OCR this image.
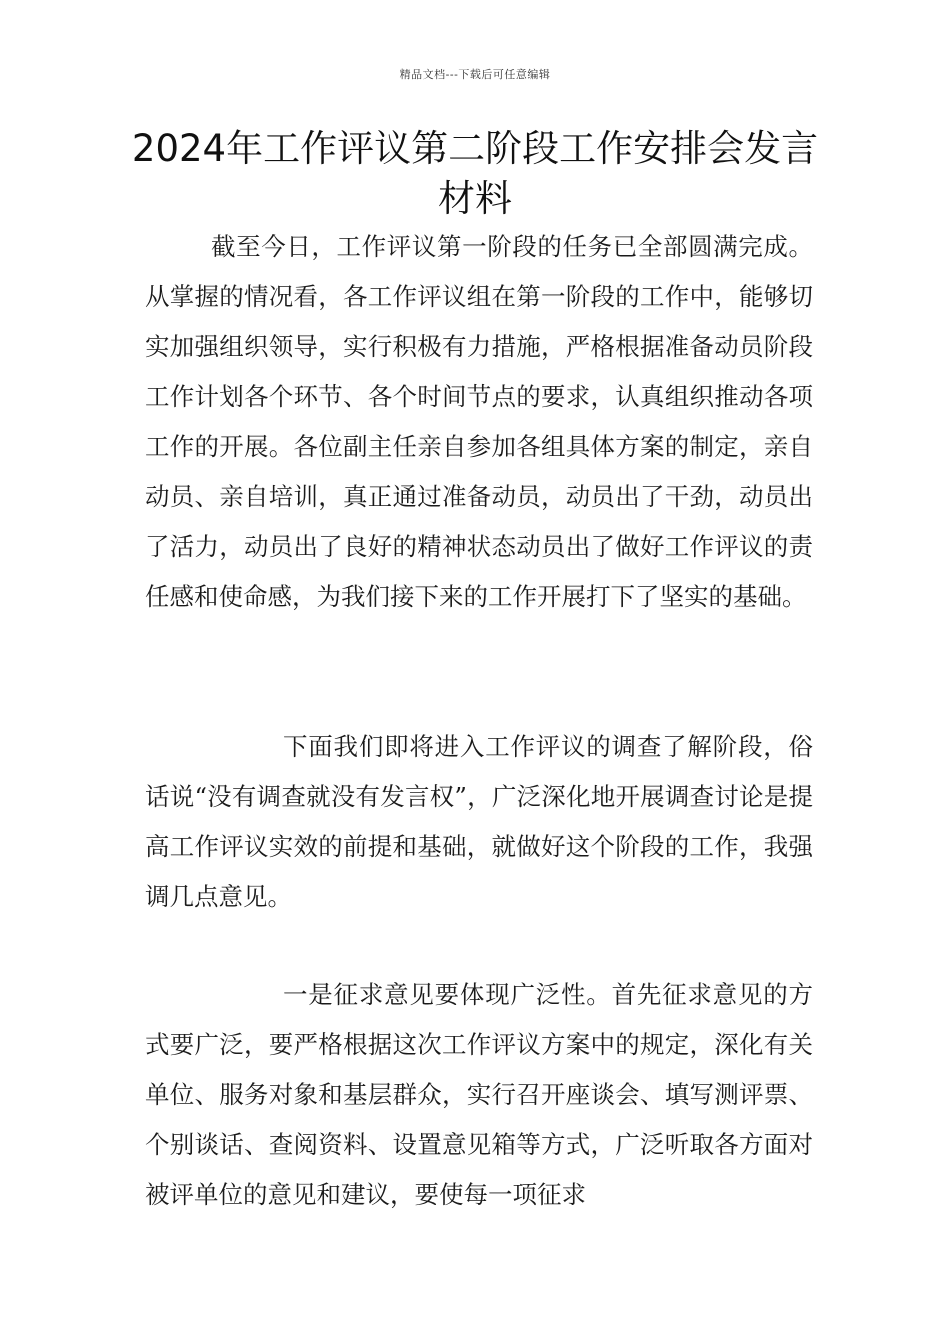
精品文档---下载后可任意编辑
2024年工作评议第二阶段工作安排会发言材料

截至今日，工作评议第一阶段的任务已全部圆满完成。从掌握的情况看，各工作评议组在第一阶段的工作中，能够切实加强组织领导，实行积极有力措施，严格根据准备动员阶段工作计划各个环节、各个时间节点的要求，认真组织推动各项工作的开展。各位副主任亲自参加各组具体方案的制定，亲自动员、亲自培训，真正通过准备动员，动员出了干劲，动员出了活力，动员出了良好的精神状态动员出了做好工作评议的责任感和使命感，为我们接下来的工作开展打下了坚实的基础。

下面我们即将进入工作评议的调查了解阶段，俗话说“没有调查就没有发言权”，广泛深化地开展调查讨论是提高工作评议实效的前提和基础，就做好这个阶段的工作，我强调几点意见。

一是征求意见要体现广泛性。首先征求意见的方式要广泛，要严格根据这次工作评议方案中的规定，深化有关单位、服务对象和基层群众，实行召开座谈会、填写测评票、个别谈话、查阅资料、设置意见箱等方式，广泛听取各方面对被评单位的意见和建议，要使每一项征求
